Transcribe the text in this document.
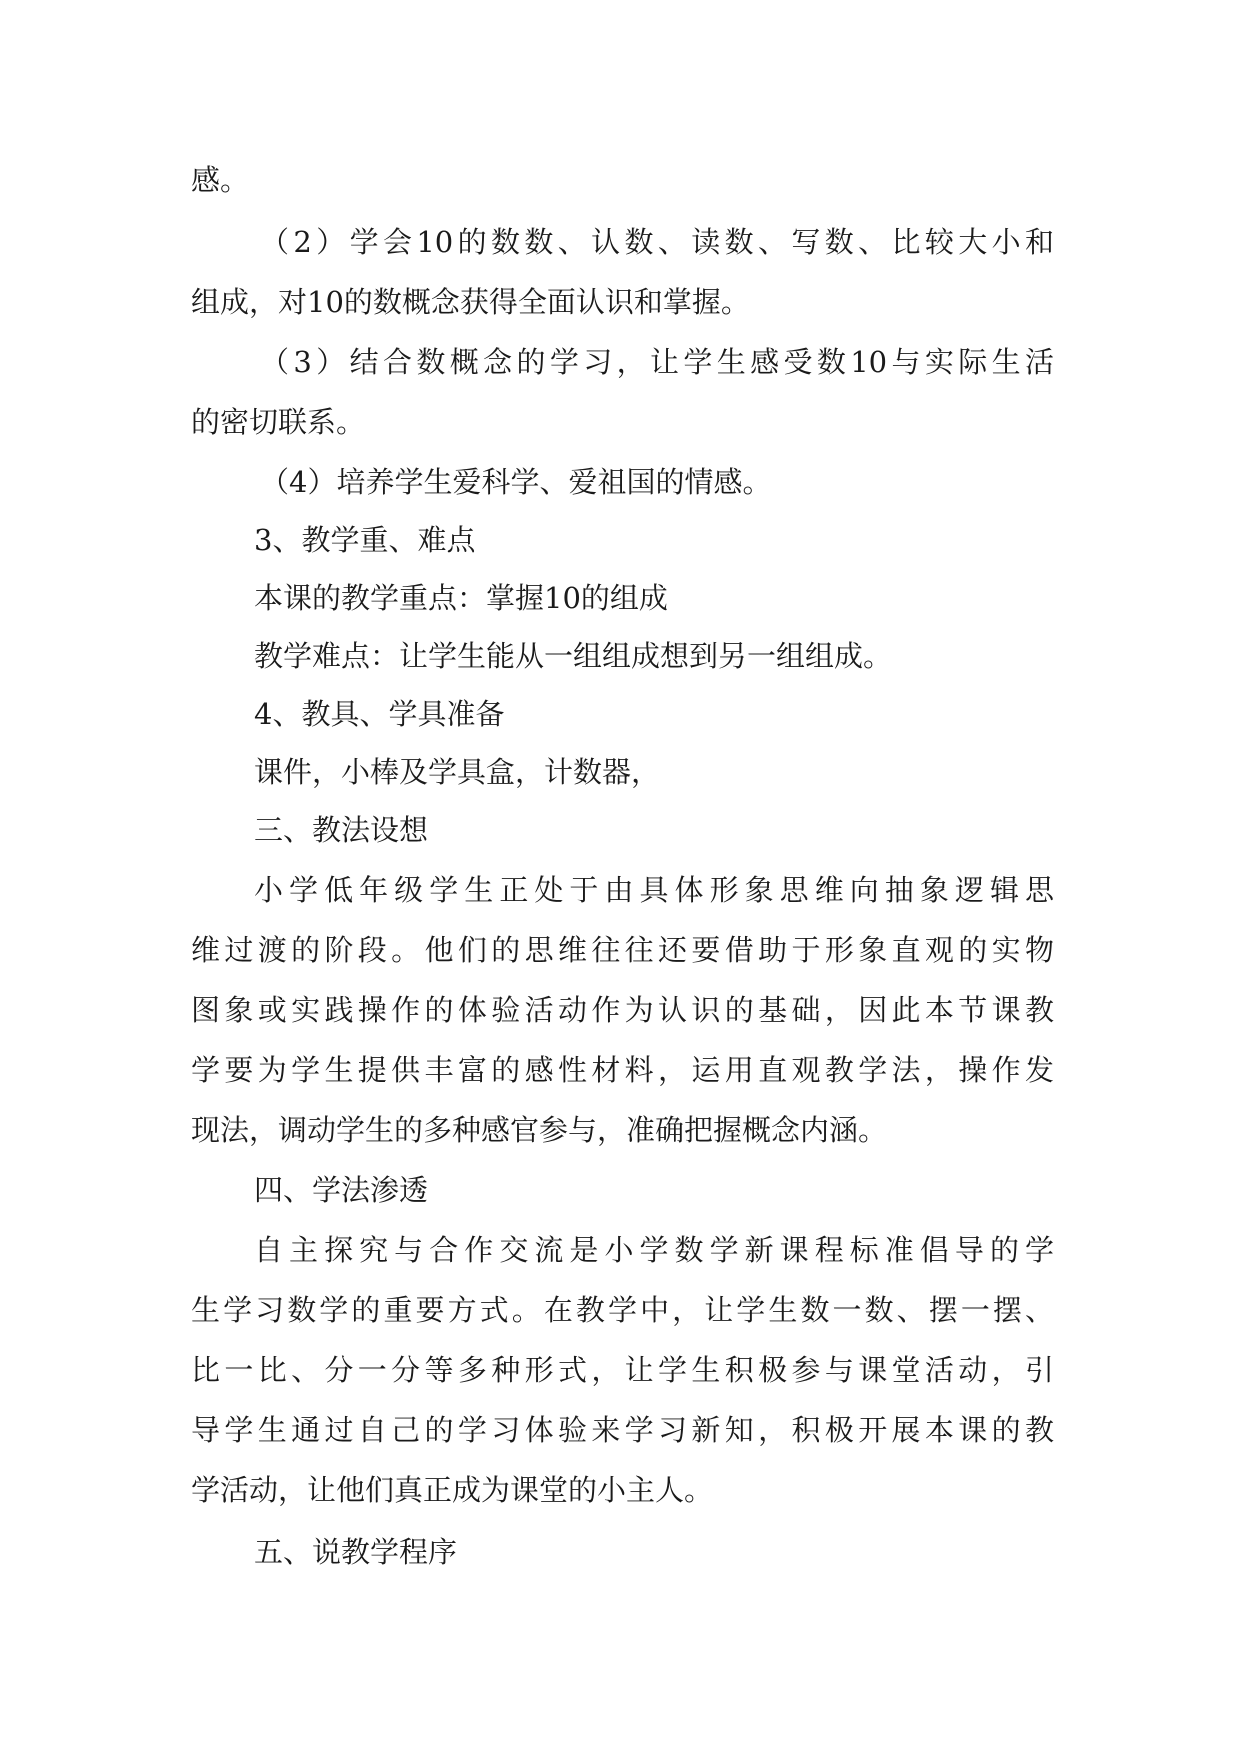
感。

（2）学会10的数数、认数、读数、写数、比较大小和

组成，对10的数概念获得全面认识和掌握。

（3）结合数概念的学习，让学生感受数10与实际生活

的密切联系。

（4）培养学生爱科学、爱祖国的情感。

3、教学重、难点

本课的教学重点：掌握10的组成

教学难点：让学生能从一组组成想到另一组组成。

4、教具、学具准备

课件，小棒及学具盒，计数器，

三、教法设想

小学低年级学生正处于由具体形象思维向抽象逻辑思

维过渡的阶段。他们的思维往往还要借助于形象直观的实物

图象或实践操作的体验活动作为认识的基础，因此本节课教

学要为学生提供丰富的感性材料，运用直观教学法，操作发

现法，调动学生的多种感官参与，准确把握概念内涵。

四、学法渗透

自主探究与合作交流是小学数学新课程标准倡导的学

生学习数学的重要方式。在教学中，让学生数一数、摆一摆、

比一比、分一分等多种形式，让学生积极参与课堂活动，引

导学生通过自己的学习体验来学习新知，积极开展本课的教

学活动，让他们真正成为课堂的小主人。

五、说教学程序
